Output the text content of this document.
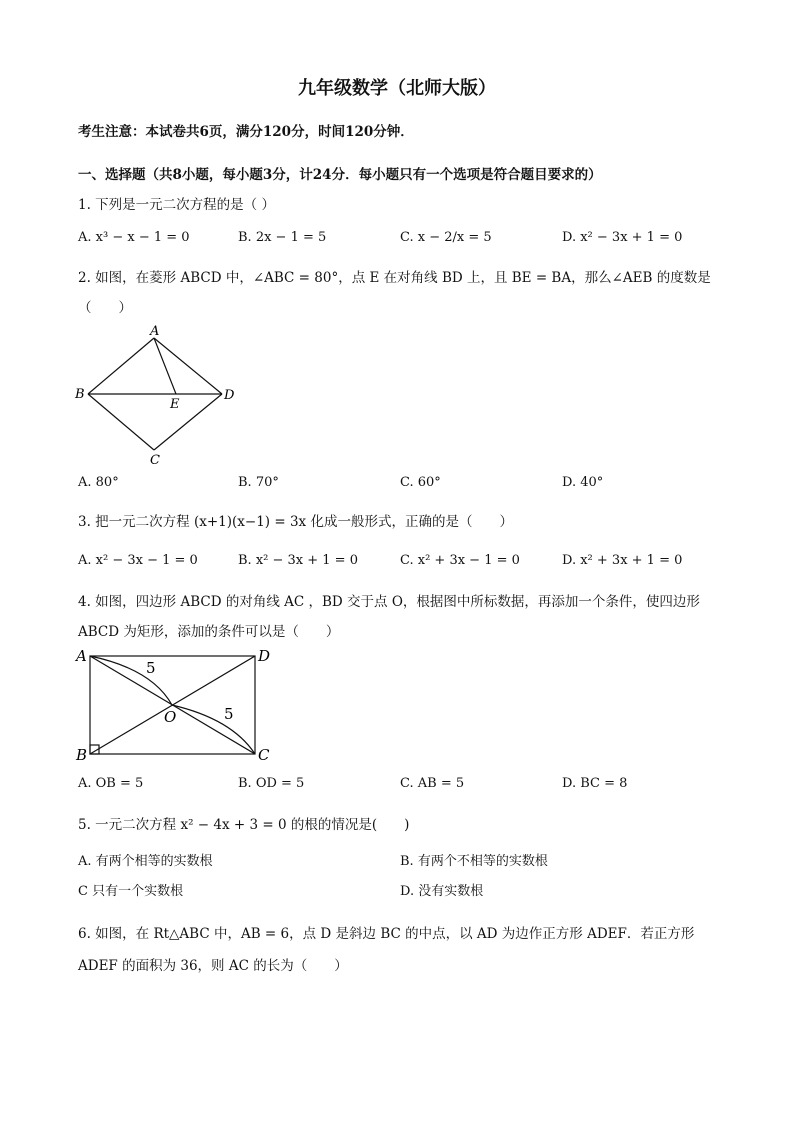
九年级数学（北师大版）
考生注意：本试卷共6页，满分120分，时间120分钟．
一、选择题（共8小题，每小题3分，计24分．每小题只有一个选项是符合题目要求的）
1. 下列是一元二次方程的是（ ）
A. x³ − x − 1 = 0	B. 2x − 1 = 5	C. x − 2/x = 5	D. x² − 3x + 1 = 0
2. 如图，在菱形 ABCD 中，∠ABC = 80°，点 E 在对角线 BD 上，且 BE = BA，那么∠AEB 的度数是
（　　）
A
B
C
D
E
A. 80°	B. 70°	C. 60°	D. 40°
3. 把一元二次方程 (x+1)(x−1) = 3x 化成一般形式，正确的是（　　）
A. x² − 3x − 1 = 0	B. x² − 3x + 1 = 0	C. x² + 3x − 1 = 0	D. x² + 3x + 1 = 0
4. 如图，四边形 ABCD 的对角线 AC ，BD 交于点 O，根据图中所标数据，再添加一个条件，使四边形
ABCD 为矩形，添加的条件可以是（　　）
A	D
B	C
O
5
5
A. OB = 5	B. OD = 5	C. AB = 5	D. BC = 8
5. 一元二次方程 x² − 4x + 3 = 0 的根的情况是(　　)
A. 有两个相等的实数根	B. 有两个不相等的实数根
C 只有一个实数根	D. 没有实数根
6. 如图，在 Rt△ABC 中，AB = 6，点 D 是斜边 BC 的中点，以 AD 为边作正方形 ADEF．若正方形
ADEF 的面积为 36，则 AC 的长为（　　）
